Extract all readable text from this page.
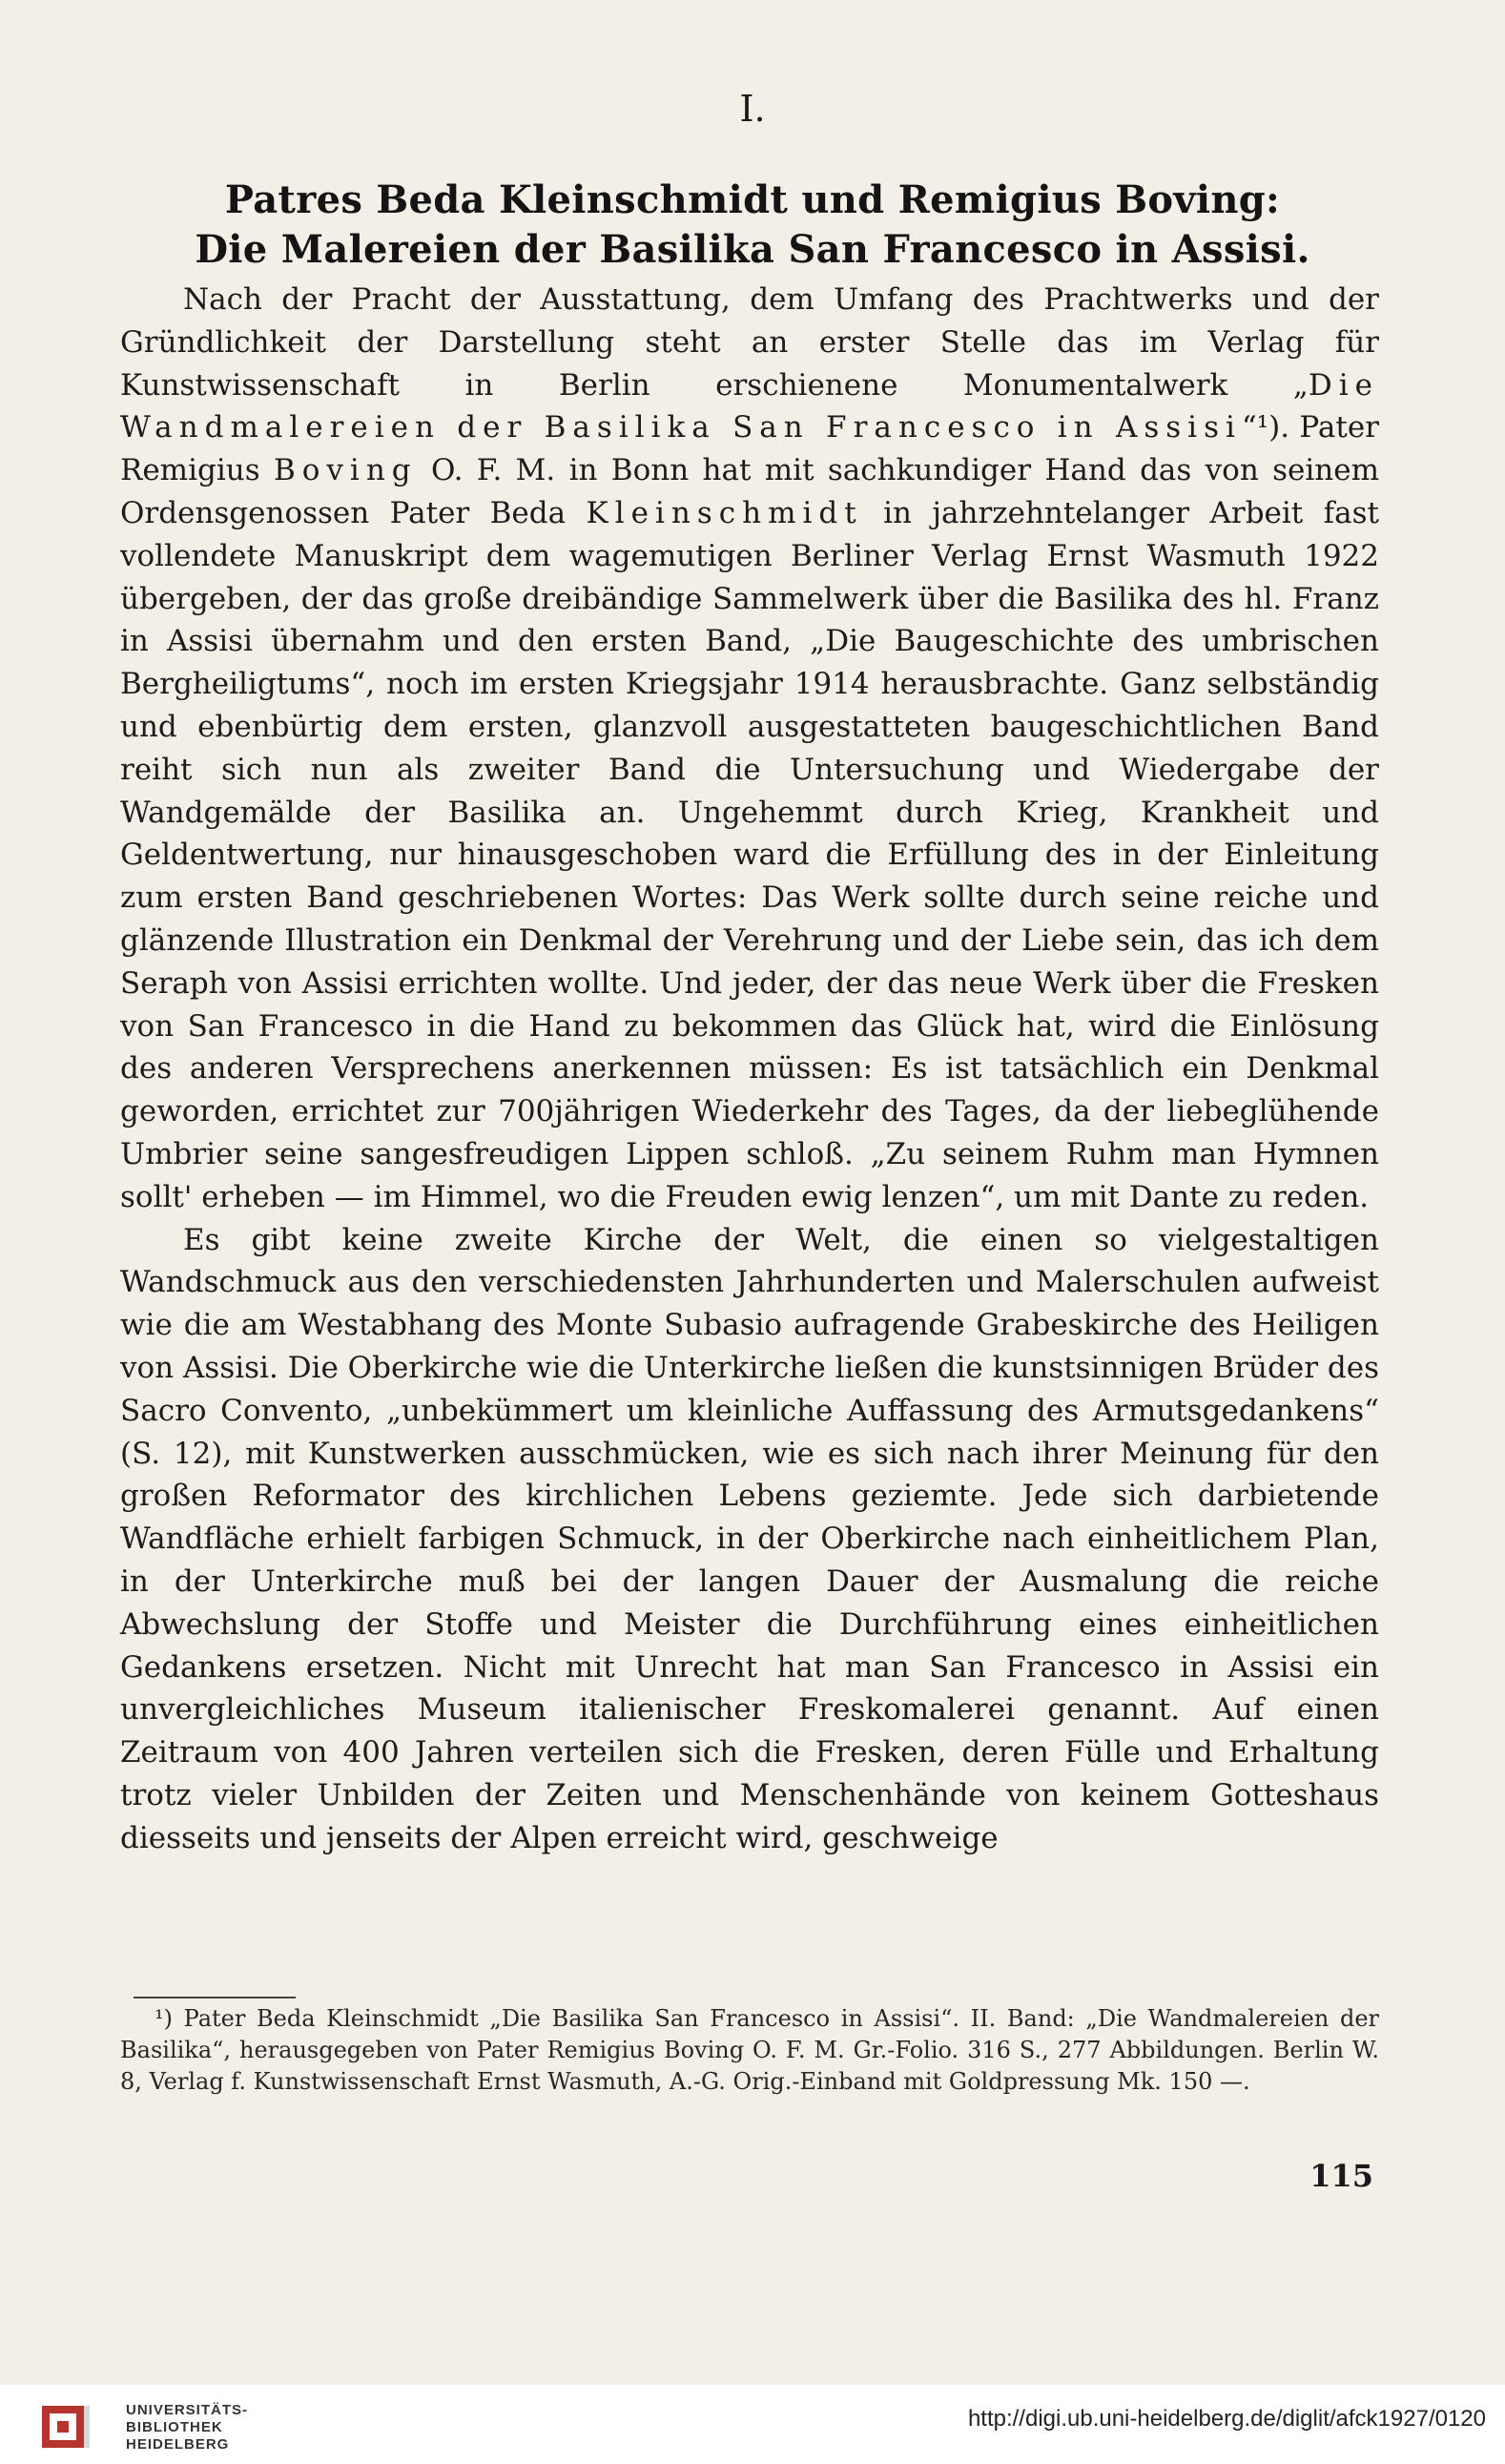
I.
Patres Beda Kleinschmidt und Remigius Boving:
Die Malereien der Basilika San Francesco in Assisi.

Nach der Pracht der Ausstattung, dem Umfang des Prachtwerks und der Gründlichkeit der Darstellung steht an erster Stelle das im Verlag für Kunstwissenschaft in Berlin erschienene Monumentalwerk „Die Wandmalereien der Basilika San Francesco in Assisi“¹). Pater Remigius Boving O. F. M. in Bonn hat mit sachkundiger Hand das von seinem Ordensgenossen Pater Beda Kleinschmidt in jahrzehntelanger Arbeit fast vollendete Manuskript dem wagemutigen Berliner Verlag Ernst Wasmuth 1922 übergeben, der das große dreibändige Sammelwerk über die Basilika des hl. Franz in Assisi übernahm und den ersten Band, „Die Baugeschichte des umbrischen Bergheiligtums“, noch im ersten Kriegsjahr 1914 herausbrachte. Ganz selbständig und ebenbürtig dem ersten, glanzvoll ausgestatteten baugeschichtlichen Band reiht sich nun als zweiter Band die Untersuchung und Wiedergabe der Wandgemälde der Basilika an. Ungehemmt durch Krieg, Krankheit und Geldentwertung, nur hinausgeschoben ward die Erfüllung des in der Einleitung zum ersten Band geschriebenen Wortes: Das Werk sollte durch seine reiche und glänzende Illustration ein Denkmal der Verehrung und der Liebe sein, das ich dem Seraph von Assisi errichten wollte. Und jeder, der das neue Werk über die Fresken von San Francesco in die Hand zu bekommen das Glück hat, wird die Einlösung des anderen Versprechens anerkennen müssen: Es ist tatsächlich ein Denkmal geworden, errichtet zur 700jährigen Wiederkehr des Tages, da der liebeglühende Umbrier seine sangesfreudigen Lippen schloß. „Zu seinem Ruhm man Hymnen sollt' erheben — im Himmel, wo die Freuden ewig lenzen“, um mit Dante zu reden.

Es gibt keine zweite Kirche der Welt, die einen so vielgestaltigen Wandschmuck aus den verschiedensten Jahrhunderten und Malerschulen aufweist wie die am Westabhang des Monte Subasio aufragende Grabeskirche des Heiligen von Assisi. Die Oberkirche wie die Unterkirche ließen die kunstsinnigen Brüder des Sacro Convento, „unbekümmert um kleinliche Auffassung des Armutsgedankens“ (S. 12), mit Kunstwerken ausschmücken, wie es sich nach ihrer Meinung für den großen Reformator des kirchlichen Lebens geziemte. Jede sich darbietende Wandfläche erhielt farbigen Schmuck, in der Oberkirche nach einheitlichem Plan, in der Unterkirche muß bei der langen Dauer der Ausmalung die reiche Abwechslung der Stoffe und Meister die Durchführung eines einheitlichen Gedankens ersetzen. Nicht mit Unrecht hat man San Francesco in Assisi ein unvergleichliches Museum italienischer Freskomalerei genannt. Auf einen Zeitraum von 400 Jahren verteilen sich die Fresken, deren Fülle und Erhaltung trotz vieler Unbilden der Zeiten und Menschenhände von keinem Gotteshaus diesseits und jenseits der Alpen erreicht wird, geschweige

¹) Pater Beda Kleinschmidt „Die Basilika San Francesco in Assisi“. II. Band: „Die Wandmalereien der Basilika“, herausgegeben von Pater Remigius Boving O. F. M. Gr.-Folio. 316 S., 277 Abbildungen. Berlin W. 8, Verlag f. Kunstwissenschaft Ernst Wasmuth, A.-G. Orig.-Einband mit Goldpressung Mk. 150 —.

115
UNIVERSITÄTS-
BIBLIOTHEK
HEIDELBERG
http://digi.ub.uni-heidelberg.de/diglit/afck1927/0120
